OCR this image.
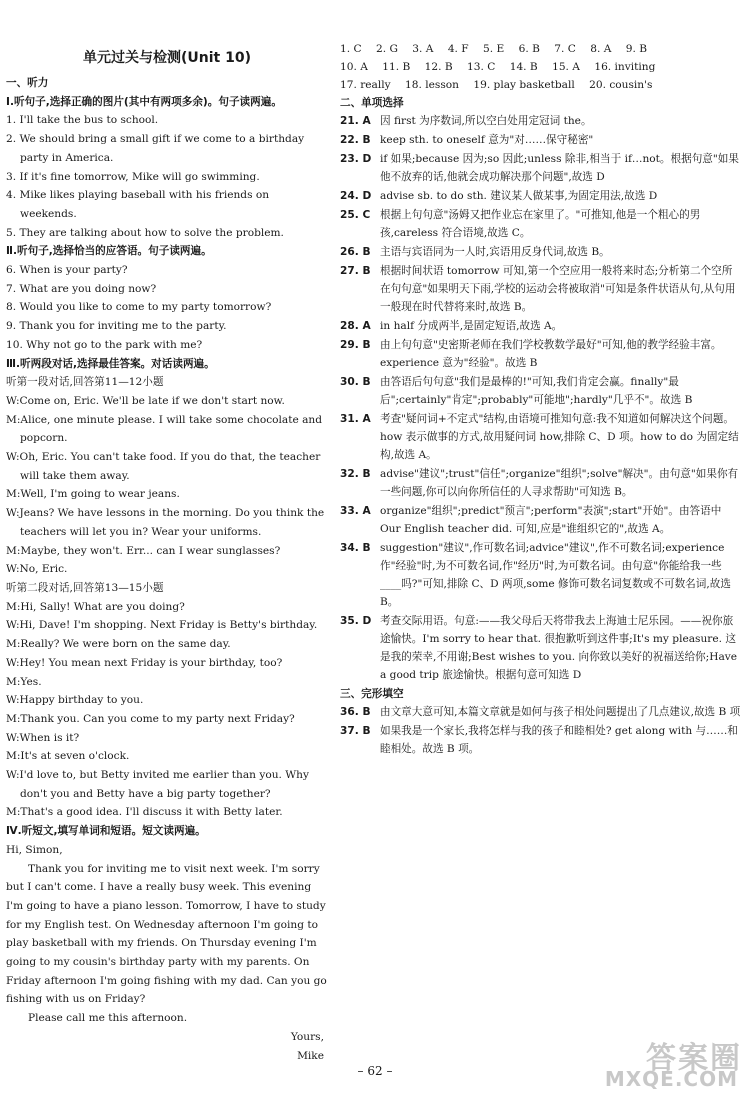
单元过关与检测(Unit 10)
一、听力
Ⅰ.听句子,选择正确的图片(其中有两项多余)。句子读两遍。
1. I'll take the bus to school.
2. We should bring a small gift if we come to a birthday party in America.
3. If it's fine tomorrow, Mike will go swimming.
4. Mike likes playing baseball with his friends on weekends.
5. They are talking about how to solve the problem.
Ⅱ.听句子,选择恰当的应答语。句子读两遍。
6. When is your party?
7. What are you doing now?
8. Would you like to come to my party tomorrow?
9. Thank you for inviting me to the party.
10. Why not go to the park with me?
Ⅲ.听两段对话,选择最佳答案。对话读两遍。
听第一段对话,回答第11—12小题
W:Come on, Eric. We'll be late if we don't start now.
M:Alice, one minute please. I will take some chocolate and popcorn.
W:Oh, Eric. You can't take food. If you do that, the teacher will take them away.
M:Well, I'm going to wear jeans.
W:Jeans? We have lessons in the morning. Do you think the teachers will let you in? Wear your uniforms.
M:Maybe, they won't. Err... can I wear sunglasses?
W:No, Eric.
听第二段对话,回答第13—15小题
M:Hi, Sally! What are you doing?
W:Hi, Dave! I'm shopping. Next Friday is Betty's birthday.
M:Really? We were born on the same day.
W:Hey! You mean next Friday is your birthday, too?
M:Yes.
W:Happy birthday to you.
M:Thank you. Can you come to my party next Friday?
W:When is it?
M:It's at seven o'clock.
W:I'd love to, but Betty invited me earlier than you. Why don't you and Betty have a big party together?
M:That's a good idea. I'll discuss it with Betty later.
Ⅳ.听短文,填写单词和短语。短文读两遍。
Hi, Simon,
Thank you for inviting me to visit next week. I'm sorry but I can't come. I have a really busy week. This evening I'm going to have a piano lesson. Tomorrow, I have to study for my English test. On Wednesday afternoon I'm going to play basketball with my friends. On Thursday evening I'm going to my cousin's birthday party with my parents. On Friday afternoon I'm going fishing with my dad. Can you go fishing with us on Friday?
Please call me this afternoon.
Yours,
Mike
1. C 2. G 3. A 4. F 5. E 6. B 7. C 8. A 9. B
10. A 11. B 12. B 13. C 14. B 15. A 16. inviting
17. really 18. lesson 19. play basketball 20. cousin's
二、单项选择
21. A 因 first 为序数词,所以空白处用定冠词 the。
22. B keep sth. to oneself 意为"对……保守秘密"
23. D if 如果;because 因为;so 因此;unless 除非,相当于 if…not。根据句意"如果他不放弃的话,他就会成功解决那个问题",故选 D
24. D advise sb. to do sth. 建议某人做某事,为固定用法,故选 D
25. C 根据上句句意"汤姆又把作业忘在家里了。"可推知,他是一个粗心的男孩,careless 符合语境,故选 C。
26. B 主语与宾语同为一人时,宾语用反身代词,故选 B。
27. B 根据时间状语 tomorrow 可知,第一个空应用一般将来时态;分析第二个空所在句句意"如果明天下雨,学校的运动会将被取消"可知是条件状语从句,从句用一般现在时代替将来时,故选 B。
28. A in half 分成两半,是固定短语,故选 A。
29. B 由上句句意"史密斯老师在我们学校教数学最好"可知,他的教学经验丰富。experience 意为"经验"。故选 B
30. B 由答语后句句意"我们是最棒的!"可知,我们肯定会赢。finally"最后";certainly"肯定";probably"可能地";hardly"几乎不"。故选 B
31. A 考查"疑问词+不定式"结构,由语境可推知句意:我不知道如何解决这个问题。how 表示做事的方式,故用疑问词 how,排除 C、D 项。how to do 为固定结构,故选 A。
32. B advise"建议";trust"信任";organize"组织";solve"解决"。由句意"如果你有一些问题,你可以向你所信任的人寻求帮助"可知选 B。
33. A organize"组织";predict"预言";perform"表演";start"开始"。由答语中 Our English teacher did. 可知,应是"谁组织它的",故选 A。
34. B suggestion"建议",作可数名词;advice"建议",作不可数名词;experience 作"经验"时,为不可数名词,作"经历"时,为可数名词。由句意"你能给我一些____吗?"可知,排除 C、D 两项,some 修饰可数名词复数或不可数名词,故选 B。
35. D 考查交际用语。句意:——我父母后天将带我去上海迪士尼乐园。——祝你旅途愉快。I'm sorry to hear that. 很抱歉听到这件事;It's my pleasure. 这是我的荣幸,不用谢;Best wishes to you. 向你致以美好的祝福送给你;Have a good trip 旅途愉快。根据句意可知选 D
三、完形填空
36. B 由文章大意可知,本篇文章就是如何与孩子相处问题提出了几点建议,故选 B 项
37. B 如果我是一个家长,我将怎样与我的孩子和睦相处? get along with 与……和睦相处。故选 B 项。
– 62 –	答案圈
MXQE.COM
